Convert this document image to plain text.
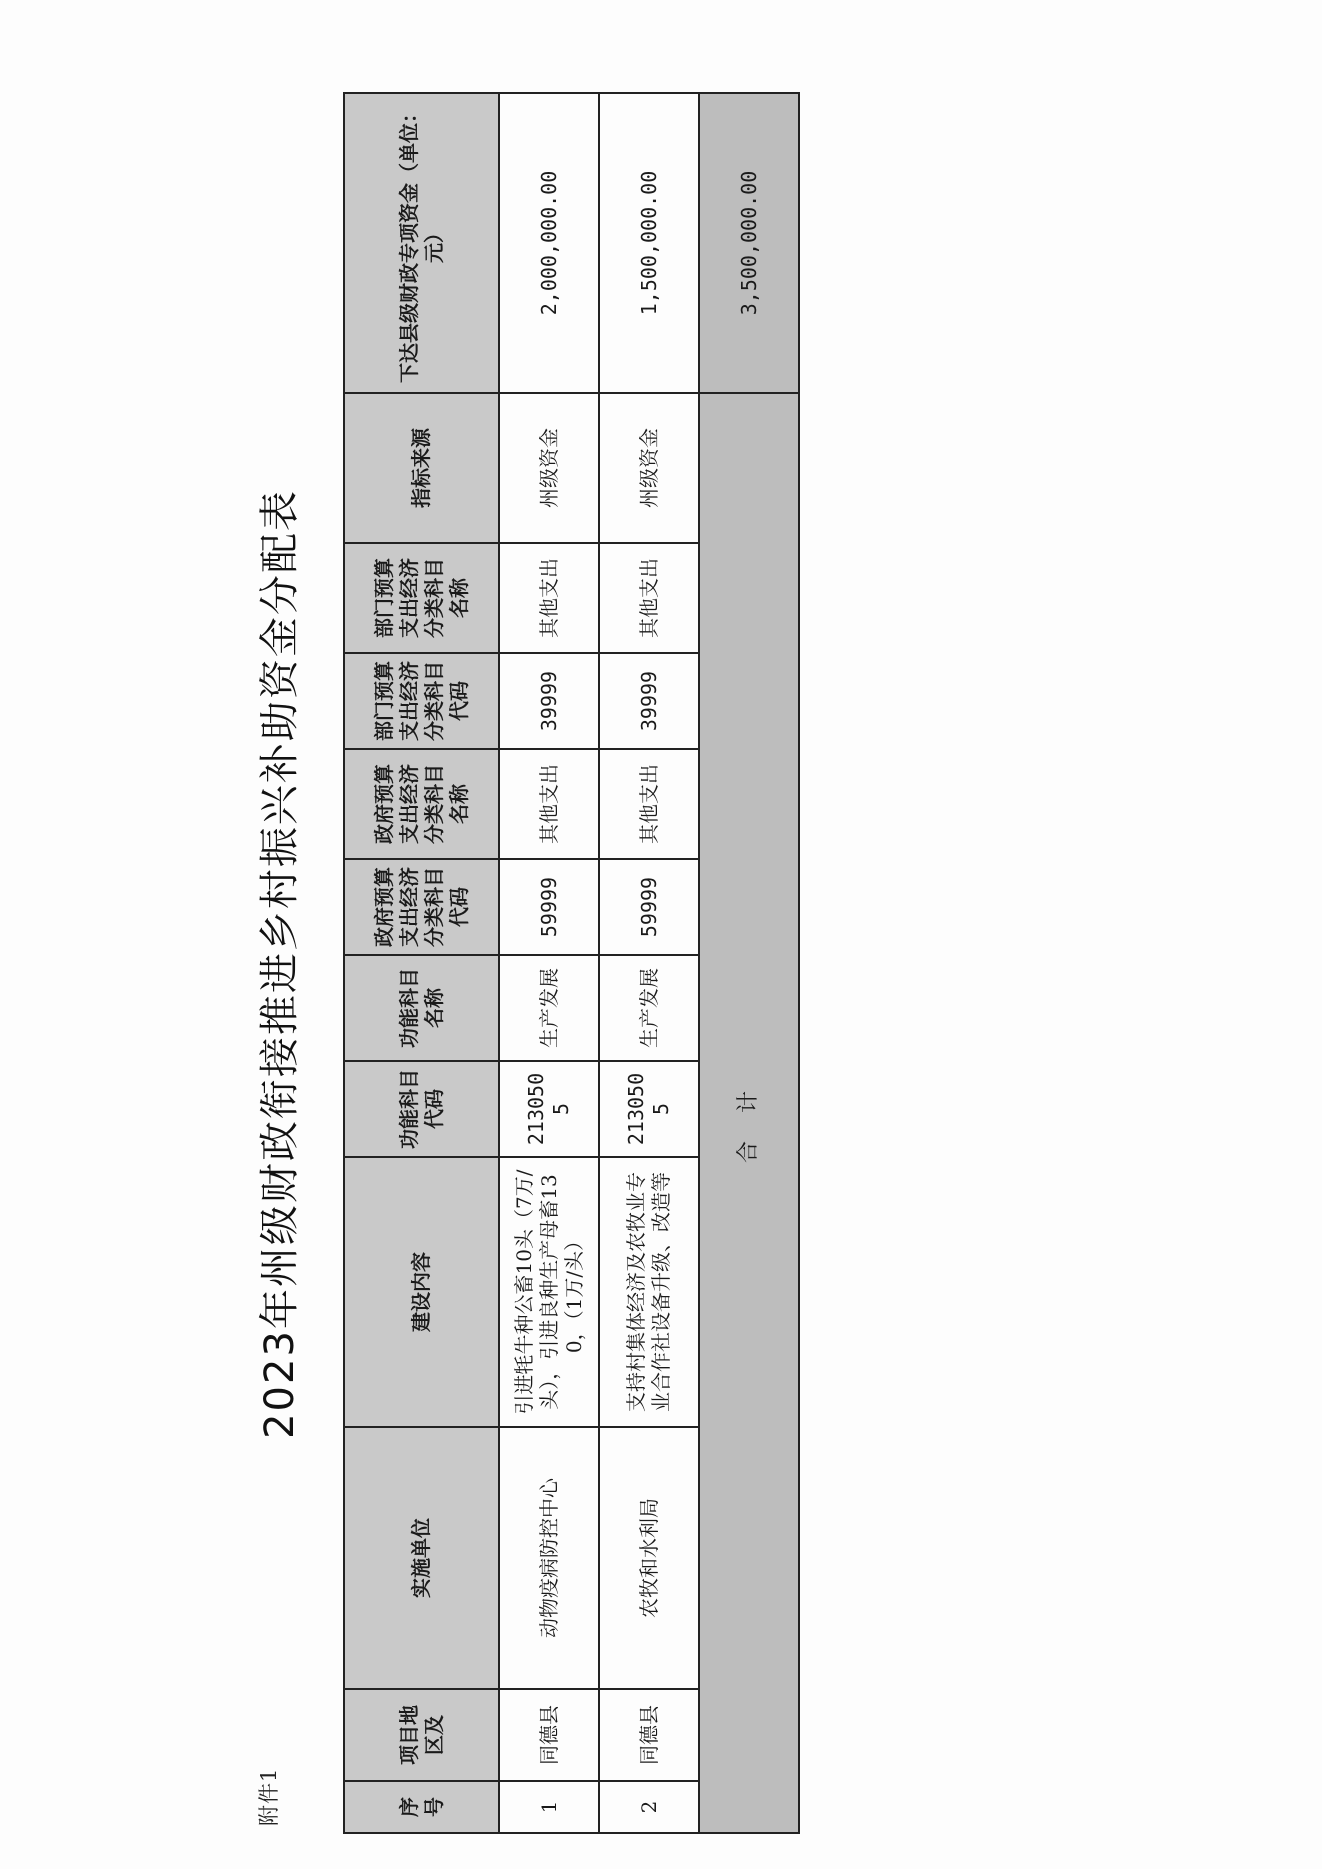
附件1
2023年州级财政衔接推进乡村振兴补助资金分配表
序号	项目地区及	实施单位	建设内容	功能科目代码	功能科目名称	政府预算支出经济分类科目代码	政府预算支出经济分类科目名称	部门预算支出经济分类科目代码	部门预算支出经济分类科目名称	指标来源	下达县级财政专项资金（单位：元）
1	同德县	动物疫病防控中心	引进牦牛种公畜10头（7万/头），引进良种生产母畜130，（1万/头）	2130505	生产发展	59999	其他支出	39999	其他支出	州级资金	2,000,000.00
2	同德县	农牧和水利局	支持村集体经济及农牧业专业合作社设备升级、改造等	2130505	生产发展	59999	其他支出	39999	其他支出	州级资金	1,500,000.00
合计											3,500,000.00
